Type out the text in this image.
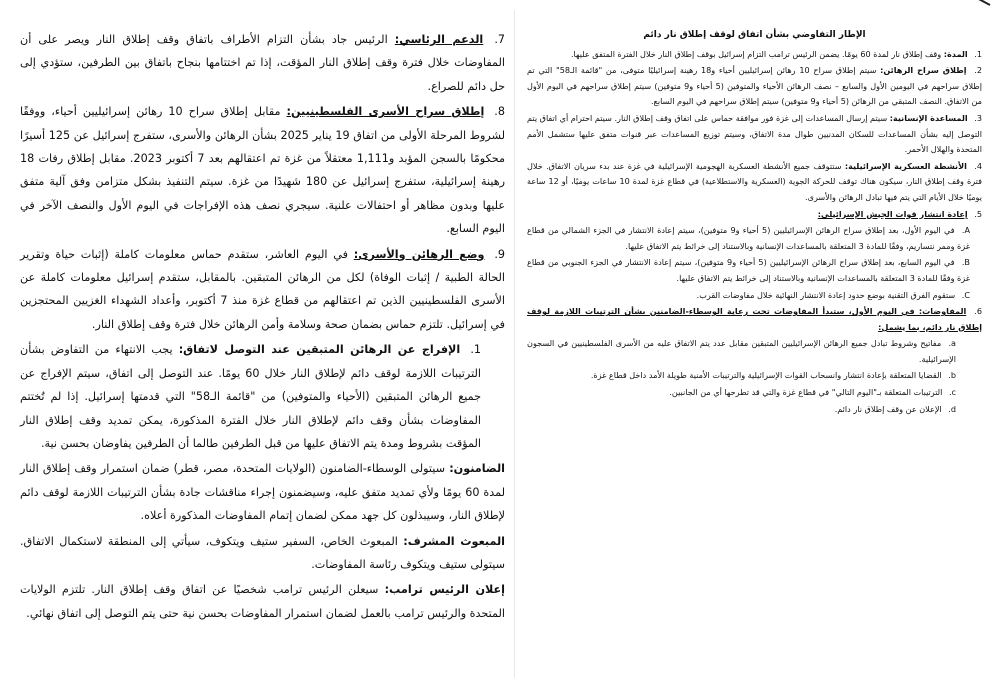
الإطار التفاوضي بشأن اتفاق لوقف إطلاق نار دائم
1. المدة: وقف إطلاق نار لمدة 60 يومًا. يضمن الرئيس ترامب التزام إسرائيل بوقف إطلاق النار خلال الفترة المتفق عليها.
2. إطلاق سراح الرهائن: سيتم إطلاق سراح 10 رهائن إسرائيليين أحياء و18 رهينة إسرائيليًا متوفى، من "قائمة الـ58" التي تم إطلاق سراحهم في اليومين الأول والسابع – نصف الرهائن الأحياء والمتوفين (5 أحياء و9 متوفين) سيتم إطلاق سراحهم في اليوم الأول من الاتفاق. النصف المتبقي من الرهائن (5 أحياء و9 متوفين) سيتم إطلاق سراحهم في اليوم السابع.
3. المساعدة الإنسانية: سيتم إرسال المساعدات إلى غزة فور موافقة حماس على اتفاق وقف إطلاق النار. سيتم احترام أي اتفاق يتم التوصل إليه بشأن المساعدات للسكان المدنيين طوال مدة الاتفاق، وسيتم توزيع المساعدات عبر قنوات متفق عليها ستشمل الأمم المتحدة والهلال الأحمر.
4. الأنشطة العسكرية الإسرائيلية: ستتوقف جميع الأنشطة العسكرية الهجومية الإسرائيلية في غزة عند بدء سريان الاتفاق. خلال فترة وقف إطلاق النار، سيكون هناك توقف للحركة الجوية (العسكرية والاستطلاعية) في قطاع غزة لمدة 10 ساعات يوميًا، أو 12 ساعة يوميًا خلال الأيام التي يتم فيها تبادل الرهائن والأسرى.
5. إعادة انتشار قوات الجيش الإسرائيلي:
A. في اليوم الأول، بعد إطلاق سراح الرهائن الإسرائيليين (5 أحياء و9 متوفين)، سيتم إعادة الانتشار في الجزء الشمالي من قطاع غزة وممر نتساريم، وفقًا للمادة 3 المتعلقة بالمساعدات الإنسانية وبالاستناد إلى خرائط يتم الاتفاق عليها.
B. في اليوم السابع، بعد إطلاق سراح الرهائن الإسرائيليين (5 أحياء و9 متوفين)، سيتم إعادة الانتشار في الجزء الجنوبي من قطاع غزة وفقًا للمادة 3 المتعلقة بالمساعدات الإنسانية وبالاستناد إلى خرائط يتم الاتفاق عليها.
C. ستقوم الفرق التقنية بوضع حدود إعادة الانتشار النهائية خلال مفاوضات القرب.
6. المفاوضات: في اليوم الأول، ستبدأ المفاوضات تحت رعاية الوسطاء-الضامنين بشأن الترتيبات اللازمة لوقف إطلاق نار دائم، بما يشمل:
a. مفاتيح وشروط تبادل جميع الرهائن الإسرائيليين المتبقين مقابل عدد يتم الاتفاق عليه من الأسرى الفلسطينيين في السجون الإسرائيلية.
b. القضايا المتعلقة بإعادة انتشار وانسحاب القوات الإسرائيلية والترتيبات الأمنية طويلة الأمد داخل قطاع غزة.
c. الترتيبات المتعلقة بـ"اليوم التالي" في قطاع غزة والتي قد تطرحها أي من الجانبين.
d. الإعلان عن وقف إطلاق نار دائم.
7. الدعم الرئاسي: الرئيس جاد بشأن التزام الأطراف باتفاق وقف إطلاق النار ويصر على أن المفاوضات خلال فترة وقف إطلاق النار المؤقت، إذا تم اختتامها بنجاح باتفاق بين الطرفين، ستؤدي إلى حل دائم للصراع.
8. إطلاق سراح الأسرى الفلسطينيين: مقابل إطلاق سراح 10 رهائن إسرائيليين أحياء، ووفقًا لشروط المرحلة الأولى من اتفاق 19 يناير 2025 بشأن الرهائن والأسرى، ستفرج إسرائيل عن 125 أسيرًا محكومًا بالسجن المؤبد و1,111 معتقلاً من غزة تم اعتقالهم بعد 7 أكتوبر 2023. مقابل إطلاق رفات 18 رهينة إسرائيلية، ستفرج إسرائيل عن 180 شهيدًا من غزة. سيتم التنفيذ بشكل متزامن وفق آلية متفق عليها وبدون مظاهر أو احتفالات علنية. سيجري نصف هذه الإفراجات في اليوم الأول والنصف الآخر في اليوم السابع.
9. وضع الرهائن والأسرى: في اليوم العاشر، ستقدم حماس معلومات كاملة (إثبات حياة وتقرير الحالة الطبية / إثبات الوفاة) لكل من الرهائن المتبقين. بالمقابل، ستقدم إسرائيل معلومات كاملة عن الأسرى الفلسطينيين الذين تم اعتقالهم من قطاع غزة منذ 7 أكتوبر، وأعداد الشهداء الغزيين المحتجزين في إسرائيل. تلتزم حماس بضمان صحة وسلامة وأمن الرهائن خلال فترة وقف إطلاق النار.
1. الإفراج عن الرهائن المتبقين عند التوصل لاتفاق: يجب الانتهاء من التفاوض بشأن الترتيبات اللازمة لوقف دائم لإطلاق النار خلال 60 يومًا. عند التوصل إلى اتفاق، سيتم الإفراج عن جميع الرهائن المتبقين (الأحياء والمتوفين) من "قائمة الـ58" التي قدمتها إسرائيل. إذا لم تُختتم المفاوضات بشأن وقف دائم لإطلاق النار خلال الفترة المذكورة، يمكن تمديد وقف إطلاق النار المؤقت بشروط ومدة يتم الاتفاق عليها من قبل الطرفين طالما أن الطرفين يفاوضان بحسن نية.
الضامنون: سيتولى الوسطاء-الضامنون (الولايات المتحدة، مصر، قطر) ضمان استمرار وقف إطلاق النار لمدة 60 يومًا ولأي تمديد متفق عليه، وسيضمنون إجراء مناقشات جادة بشأن الترتيبات اللازمة لوقف دائم لإطلاق النار، وسيبذلون كل جهد ممكن لضمان إتمام المفاوضات المذكورة أعلاه.
المبعوث المشرف: المبعوث الخاص، السفير ستيف ويتكوف، سيأتي إلى المنطقة لاستكمال الاتفاق. سيتولى ستيف ويتكوف رئاسة المفاوضات.
إعلان الرئيس ترامب: سيعلن الرئيس ترامب شخصيًا عن اتفاق وقف إطلاق النار. تلتزم الولايات المتحدة والرئيس ترامب بالعمل لضمان استمرار المفاوضات بحسن نية حتى يتم التوصل إلى اتفاق نهائي.
